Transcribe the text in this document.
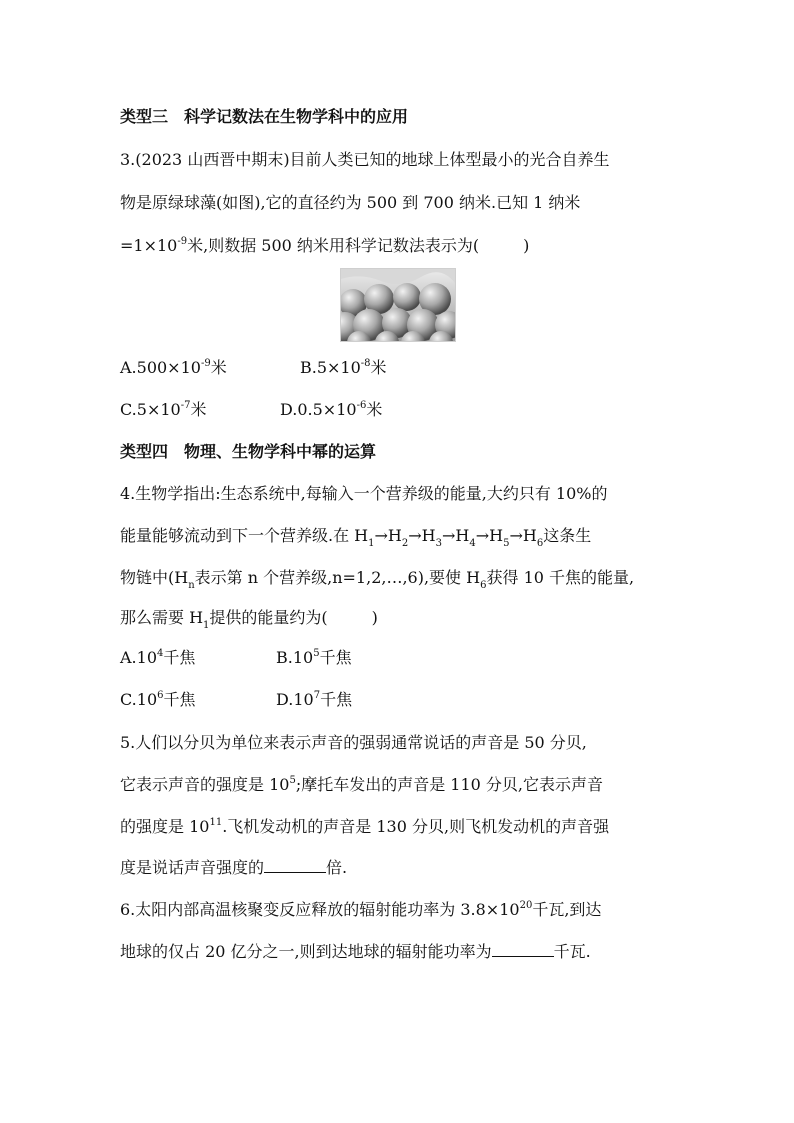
类型三　科学记数法在生物学科中的应用
3.(2023 山西晋中期末)目前人类已知的地球上体型最小的光合自养生
物是原绿球藻(如图),它的直径约为 500 到 700 纳米.已知 1 纳米
$=1\times 10^{-9}$米,则数据 500 纳米用科学记数法表示为(	)
$A.500\times 10^{-9}$米	$B.5\times 10^{-8}$米
$C.5\times 10^{-7}$米	$D.0.5\times 10^{-6}$米
类型四　物理、生物学科中幂的运算
4.生物学指出:生态系统中,每输入一个营养级的能量,大约只有 10%的
能量能够流动到下一个营养级.在 $H_1\to H_2\to H_3\to H_4\to H_5\to H_6$这条生
物链中($H_n$表示第 n 个营养级,n=1,2,…,6),要使 $H_6$获得 10 千焦的能量,
那么需要 $H_1$提供的能量约为(	)
$A.10^4$千焦	$B.10^5$千焦
$C.10^6$千焦	$D.10^7$千焦
5.人们以分贝为单位来表示声音的强弱通常说话的声音是 50 分贝,
它表示声音的强度是 $10^5$;摩托车发出的声音是 110 分贝,它表示声音
的强度是 $10^{11}$.飞机发动机的声音是 130 分贝,则飞机发动机的声音强
度是说话声音强度的	倍.
6.太阳内部高温核聚变反应释放的辐射能功率为 $3.8\times 10^{20}$千瓦,到达
地球的仅占 20 亿分之一,则到达地球的辐射能功率为	千瓦.
